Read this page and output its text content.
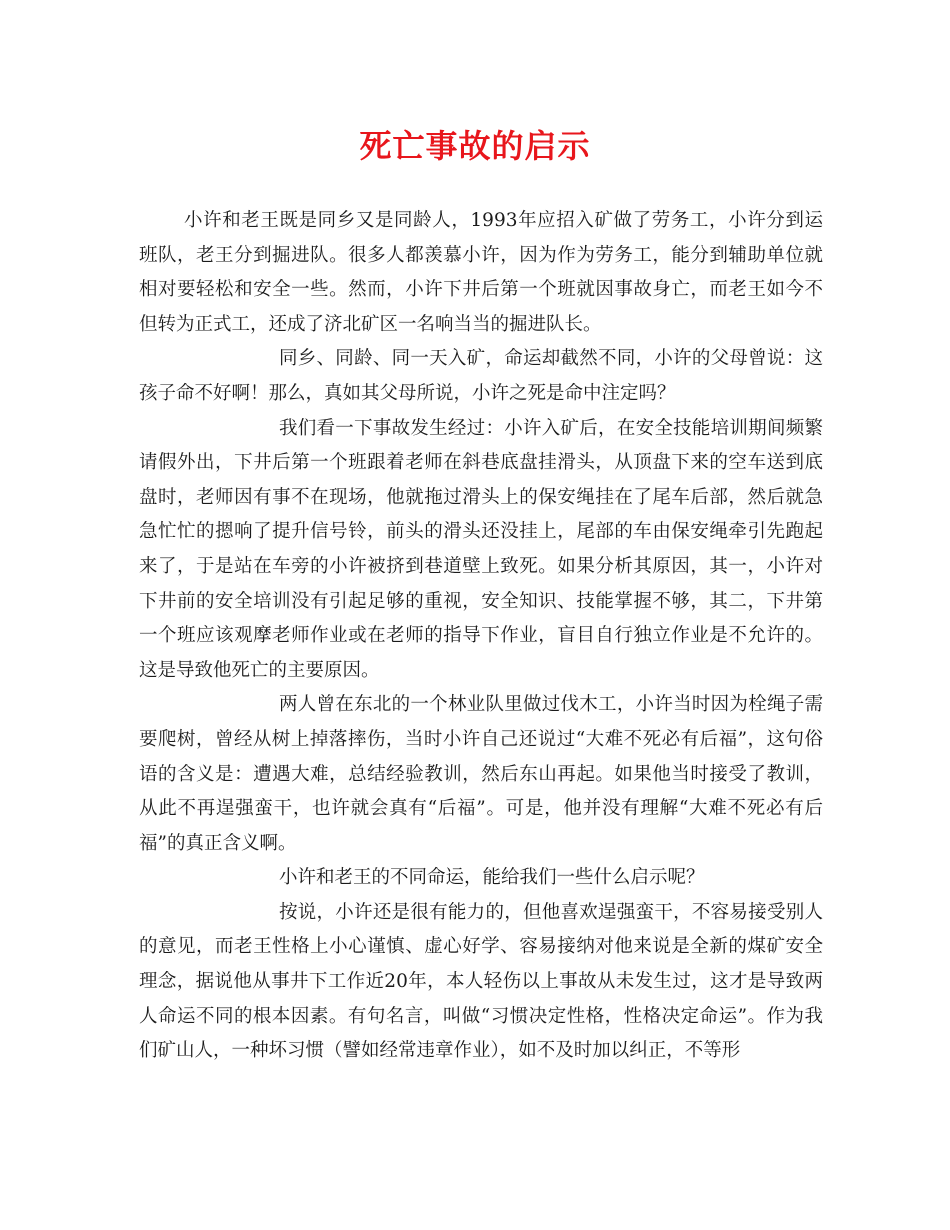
死亡事故的启示

小许和老王既是同乡又是同龄人，1993年应招入矿做了劳务工，小许分到运班队，老王分到掘进队。很多人都羡慕小许，因为作为劳务工，能分到辅助单位就相对要轻松和安全一些。然而，小许下井后第一个班就因事故身亡，而老王如今不但转为正式工，还成了济北矿区一名响当当的掘进队长。

同乡、同龄、同一天入矿，命运却截然不同，小许的父母曾说：这孩子命不好啊！那么，真如其父母所说，小许之死是命中注定吗？

我们看一下事故发生经过：小许入矿后，在安全技能培训期间频繁请假外出，下井后第一个班跟着老师在斜巷底盘挂滑头，从顶盘下来的空车送到底盘时，老师因有事不在现场，他就拖过滑头上的保安绳挂在了尾车后部，然后就急急忙忙的摁响了提升信号铃，前头的滑头还没挂上，尾部的车由保安绳牵引先跑起来了，于是站在车旁的小许被挤到巷道壁上致死。如果分析其原因，其一，小许对下井前的安全培训没有引起足够的重视，安全知识、技能掌握不够，其二，下井第一个班应该观摩老师作业或在老师的指导下作业，盲目自行独立作业是不允许的。这是导致他死亡的主要原因。

两人曾在东北的一个林业队里做过伐木工，小许当时因为栓绳子需要爬树，曾经从树上掉落摔伤，当时小许自己还说过“大难不死必有后福”，这句俗语的含义是：遭遇大难，总结经验教训，然后东山再起。如果他当时接受了教训，从此不再逞强蛮干，也许就会真有“后福”。可是，他并没有理解“大难不死必有后福”的真正含义啊。

小许和老王的不同命运，能给我们一些什么启示呢？

按说，小许还是很有能力的，但他喜欢逞强蛮干，不容易接受别人的意见，而老王性格上小心谨慎、虚心好学、容易接纳对他来说是全新的煤矿安全理念，据说他从事井下工作近20年，本人轻伤以上事故从未发生过，这才是导致两人命运不同的根本因素。有句名言，叫做“习惯决定性格，性格决定命运”。作为我们矿山人，一种坏习惯（譬如经常违章作业），如不及时加以纠正，不等形
